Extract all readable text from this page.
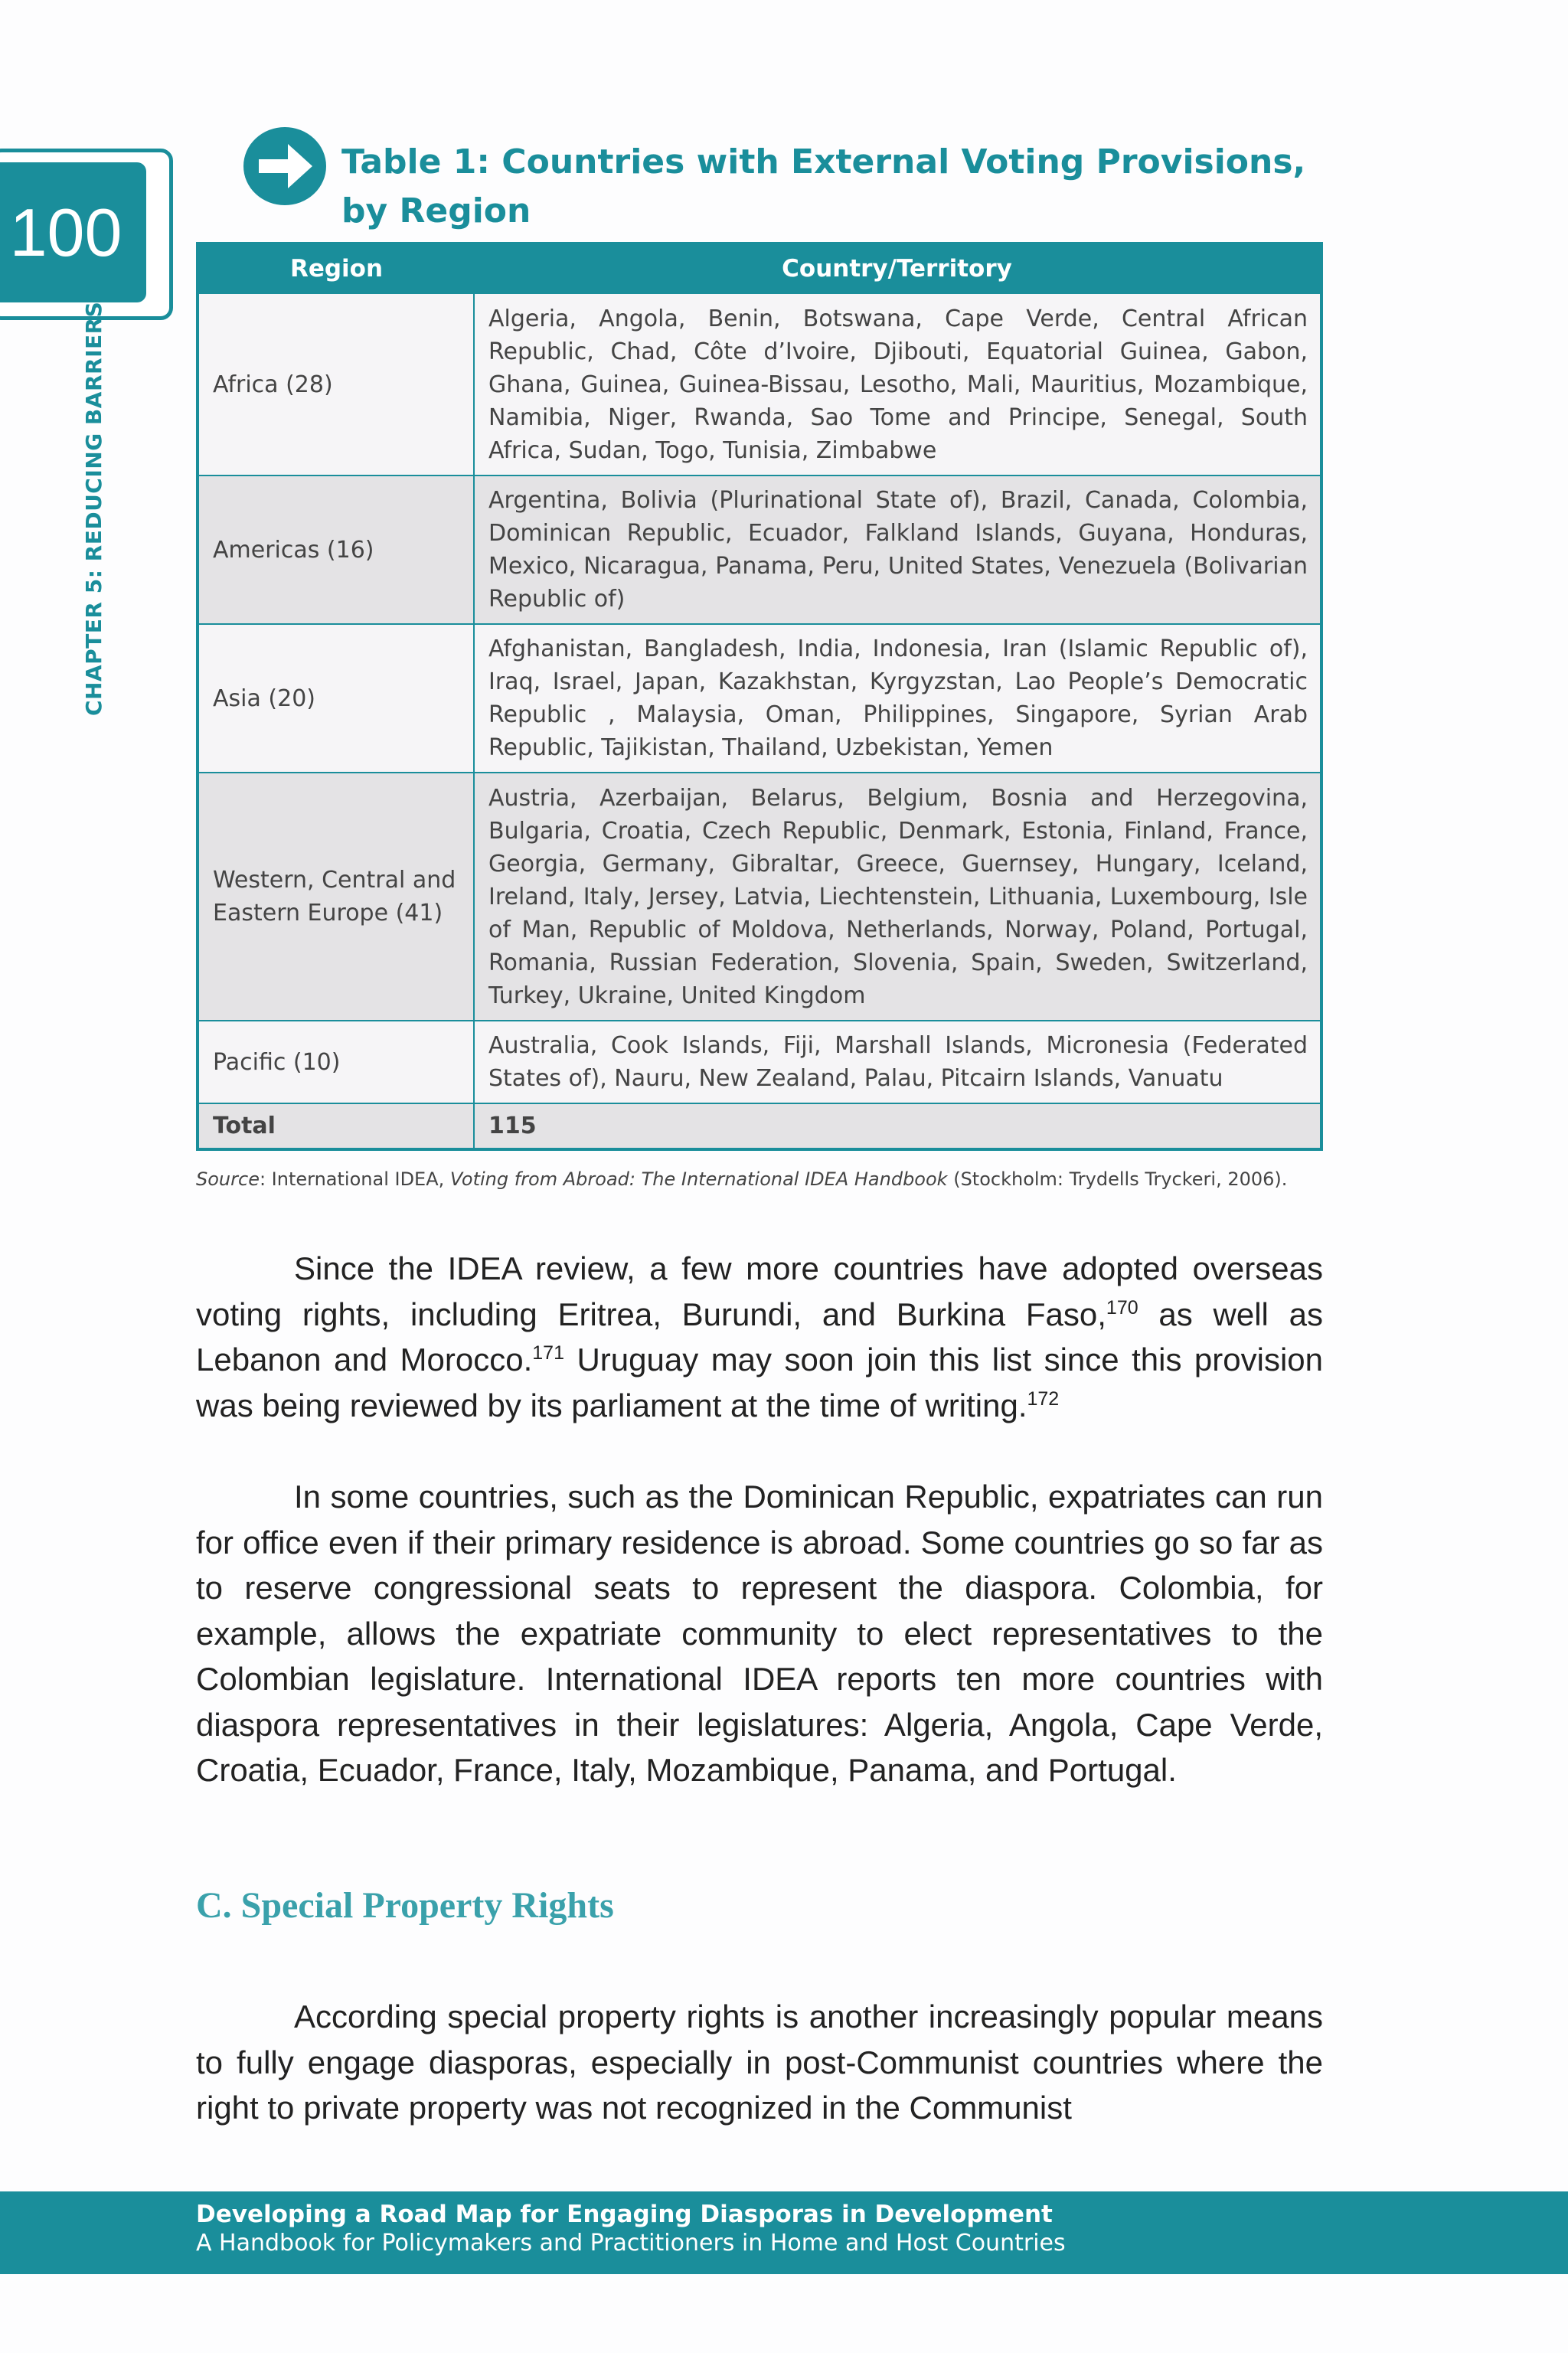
100
CHAPTER 5: REDUCING BARRIERS
Table 1: Countries with External Voting Provisions, by Region
Region	Country/Territory
Africa (28)	Algeria, Angola, Benin, Botswana, Cape Verde, Central African Republic, Chad, Côte d’Ivoire, Djibouti, Equatorial Guinea, Gabon, Ghana, Guinea, Guinea-Bissau, Lesotho, Mali, Mauritius, Mozambique, Namibia, Niger, Rwanda, Sao Tome and Principe, Senegal, South Africa, Sudan, Togo, Tunisia, Zimbabwe
Americas (16)	Argentina, Bolivia (Plurinational State of), Brazil, Canada, Colombia, Dominican Republic, Ecuador, Falkland Islands, Guyana, Honduras, Mexico, Nicaragua, Panama, Peru, United States, Venezuela (Bolivarian Republic of)
Asia (20)	Afghanistan, Bangladesh, India, Indonesia, Iran (Islamic Republic of), Iraq, Israel, Japan, Kazakhstan, Kyrgyzstan, Lao People’s Democratic Republic , Malaysia, Oman, Philippines, Singapore, Syrian Arab Republic, Tajikistan, Thailand, Uzbekistan, Yemen
Western, Central and Eastern Europe (41)	Austria, Azerbaijan, Belarus, Belgium, Bosnia and Herzegovina, Bulgaria, Croatia, Czech Republic, Denmark, Estonia, Finland, France, Georgia, Germany, Gibraltar, Greece, Guernsey, Hungary, Iceland, Ireland, Italy, Jersey, Latvia, Liechtenstein, Lithuania, Luxembourg, Isle of Man, Republic of Moldova, Netherlands, Norway, Poland, Portugal, Romania, Russian Federation, Slovenia, Spain, Sweden, Switzerland, Turkey, Ukraine, United Kingdom
Pacific (10)	Australia, Cook Islands, Fiji, Marshall Islands, Micronesia (Federated States of), Nauru, New Zealand, Palau, Pitcairn Islands, Vanuatu
Total	115
Source: International IDEA, Voting from Abroad: The International IDEA Handbook (Stockholm: Trydells Tryckeri, 2006).

Since the IDEA review, a few more countries have adopted overseas voting rights, including Eritrea, Burundi, and Burkina Faso,$^{170}$ as well as Lebanon and Morocco.$^{171}$ Uruguay may soon join this list since this provision was being reviewed by its parliament at the time of writing.$^{172}$

In some countries, such as the Dominican Republic, expatriates can run for office even if their primary residence is abroad. Some countries go so far as to reserve congressional seats to represent the diaspora. Colombia, for example, allows the expatriate community to elect representatives to the Colombian legislature. International IDEA reports ten more countries with diaspora representatives in their legislatures: Algeria, Angola, Cape Verde, Croatia, Ecuador, France, Italy, Mozambique, Panama, and Portugal.

C. Special Property Rights

According special property rights is another increasingly popular means to fully engage diasporas, especially in post-Communist countries where the right to private property was not recognized in the Communist

Developing a Road Map for Engaging Diasporas in Development
A Handbook for Policymakers and Practitioners in Home and Host Countries
